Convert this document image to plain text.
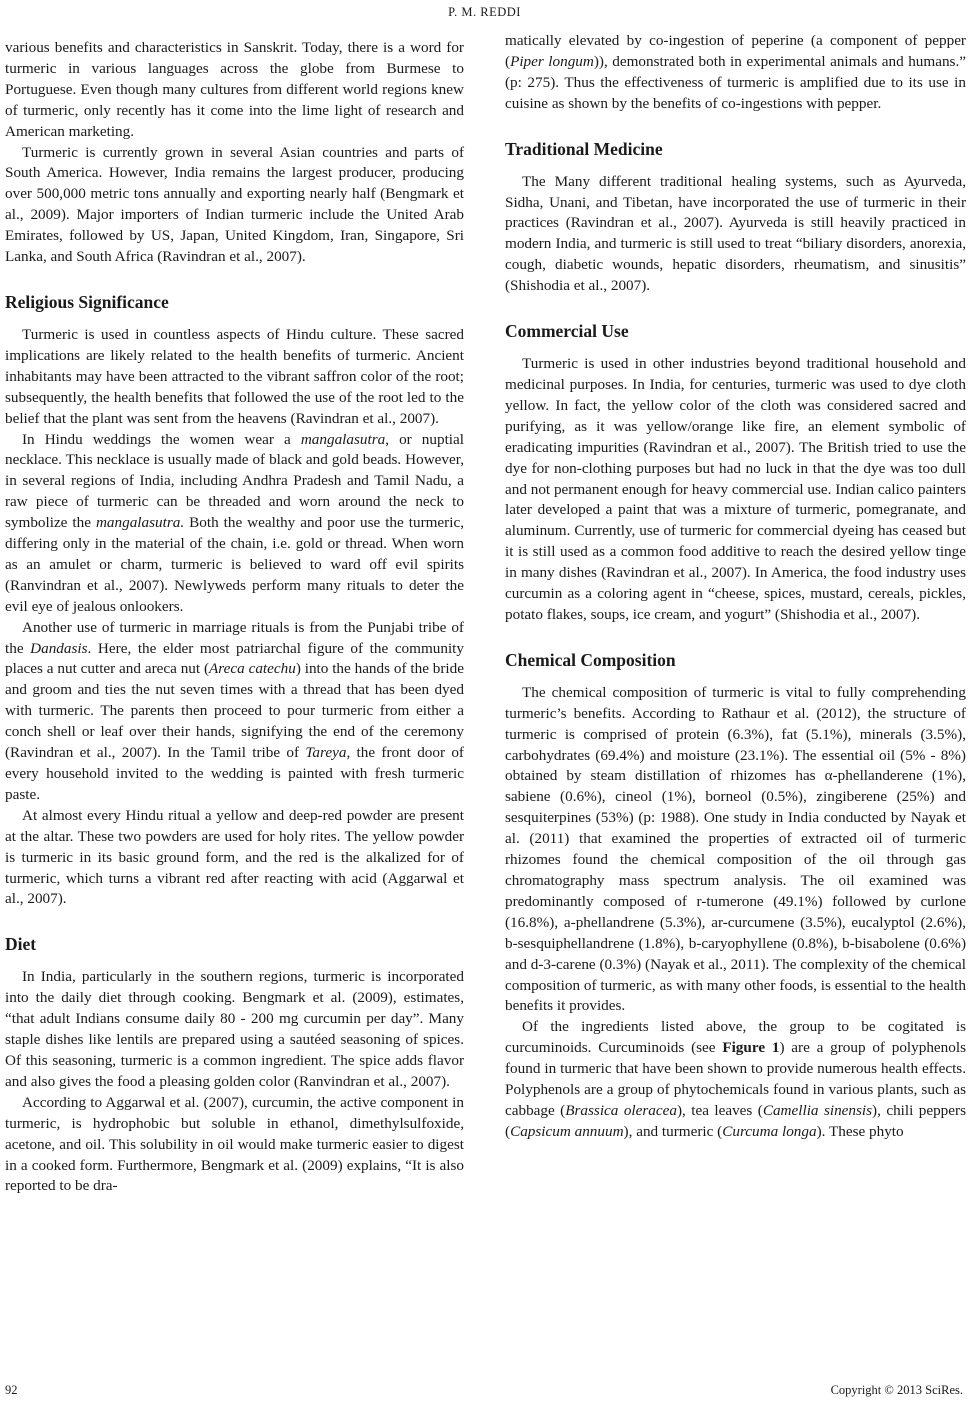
P. M. REDDI

various benefits and characteristics in Sanskrit. Today, there is a word for turmeric in various languages across the globe from Burmese to Portuguese. Even though many cultures from different world regions knew of turmeric, only recently has it come into the lime light of research and American marketing.

Turmeric is currently grown in several Asian countries and parts of South America. However, India remains the largest producer, producing over 500,000 metric tons annually and exporting nearly half (Bengmark et al., 2009). Major importers of Indian turmeric include the United Arab Emirates, followed by US, Japan, United Kingdom, Iran, Singapore, Sri Lanka, and South Africa (Ravindran et al., 2007).

Religious Significance

Turmeric is used in countless aspects of Hindu culture. These sacred implications are likely related to the health benefits of turmeric. Ancient inhabitants may have been attracted to the vibrant saffron color of the root; subsequently, the health benefits that followed the use of the root led to the belief that the plant was sent from the heavens (Ravindran et al., 2007).

In Hindu weddings the women wear a mangalasutra, or nuptial necklace. This necklace is usually made of black and gold beads. However, in several regions of India, including Andhra Pradesh and Tamil Nadu, a raw piece of turmeric can be threaded and worn around the neck to symbolize the mangalasutra. Both the wealthy and poor use the turmeric, differing only in the material of the chain, i.e. gold or thread. When worn as an amulet or charm, turmeric is believed to ward off evil spirits (Ranvindran et al., 2007). Newlyweds perform many rituals to deter the evil eye of jealous onlookers.

Another use of turmeric in marriage rituals is from the Punjabi tribe of the Dandasis. Here, the elder most patriarchal figure of the community places a nut cutter and areca nut (Areca catechu) into the hands of the bride and groom and ties the nut seven times with a thread that has been dyed with turmeric. The parents then proceed to pour turmeric from either a conch shell or leaf over their hands, signifying the end of the ceremony (Ravindran et al., 2007). In the Tamil tribe of Tareya, the front door of every household invited to the wedding is painted with fresh turmeric paste.

At almost every Hindu ritual a yellow and deep-red powder are present at the altar. These two powders are used for holy rites. The yellow powder is turmeric in its basic ground form, and the red is the alkalized for of turmeric, which turns a vibrant red after reacting with acid (Aggarwal et al., 2007).

Diet

In India, particularly in the southern regions, turmeric is incorporated into the daily diet through cooking. Bengmark et al. (2009), estimates, “that adult Indians consume daily 80 - 200 mg curcumin per day”. Many staple dishes like lentils are prepared using a sautéed seasoning of spices. Of this seasoning, turmeric is a common ingredient. The spice adds flavor and also gives the food a pleasing golden color (Ranvindran et al., 2007).

According to Aggarwal et al. (2007), curcumin, the active component in turmeric, is hydrophobic but soluble in ethanol, dimethylsulfoxide, acetone, and oil. This solubility in oil would make turmeric easier to digest in a cooked form. Furthermore, Bengmark et al. (2009) explains, “It is also reported to be dra-

matically elevated by co-ingestion of peperine (a component of pepper (Piper longum)), demonstrated both in experimental animals and humans.” (p: 275). Thus the effectiveness of turmeric is amplified due to its use in cuisine as shown by the benefits of co-ingestions with pepper.

Traditional Medicine

The Many different traditional healing systems, such as Ayurveda, Sidha, Unani, and Tibetan, have incorporated the use of turmeric in their practices (Ravindran et al., 2007). Ayurveda is still heavily practiced in modern India, and turmeric is still used to treat “biliary disorders, anorexia, cough, diabetic wounds, hepatic disorders, rheumatism, and sinusitis” (Shishodia et al., 2007).

Commercial Use

Turmeric is used in other industries beyond traditional household and medicinal purposes. In India, for centuries, turmeric was used to dye cloth yellow. In fact, the yellow color of the cloth was considered sacred and purifying, as it was yellow/orange like fire, an element symbolic of eradicating impurities (Ravindran et al., 2007). The British tried to use the dye for non-clothing purposes but had no luck in that the dye was too dull and not permanent enough for heavy commercial use. Indian calico painters later developed a paint that was a mixture of turmeric, pomegranate, and aluminum. Currently, use of turmeric for commercial dyeing has ceased but it is still used as a common food additive to reach the desired yellow tinge in many dishes (Ravindran et al., 2007). In America, the food industry uses curcumin as a coloring agent in “cheese, spices, mustard, cereals, pickles, potato flakes, soups, ice cream, and yogurt” (Shishodia et al., 2007).

Chemical Composition

The chemical composition of turmeric is vital to fully comprehending turmeric’s benefits. According to Rathaur et al. (2012), the structure of turmeric is comprised of protein (6.3%), fat (5.1%), minerals (3.5%), carbohydrates (69.4%) and moisture (23.1%). The essential oil (5% - 8%) obtained by steam distillation of rhizomes has α-phellanderene (1%), sabiene (0.6%), cineol (1%), borneol (0.5%), zingiberene (25%) and sesquiterpines (53%) (p: 1988). One study in India conducted by Nayak et al. (2011) that examined the properties of extracted oil of turmeric rhizomes found the chemical composition of the oil through gas chromatography mass spectrum analysis. The oil examined was predominantly composed of r-tumerone (49.1%) followed by curlone (16.8%), a-phellandrene (5.3%), ar-curcumene (3.5%), eucalyptol (2.6%), b-sesquiphellandrene (1.8%), b-caryophyllene (0.8%), b-bisabolene (0.6%) and d-3-carene (0.3%) (Nayak et al., 2011). The complexity of the chemical composition of turmeric, as with many other foods, is essential to the health benefits it provides.

Of the ingredients listed above, the group to be cogitated is curcuminoids. Curcuminoids (see Figure 1) are a group of polyphenols found in turmeric that have been shown to provide numerous health effects. Polyphenols are a group of phytochemicals found in various plants, such as cabbage (Brassica oleracea), tea leaves (Camellia sinensis), chili peppers (Capsicum annuum), and turmeric (Curcuma longa). These phyto

92	Copyright © 2013 SciRes.
